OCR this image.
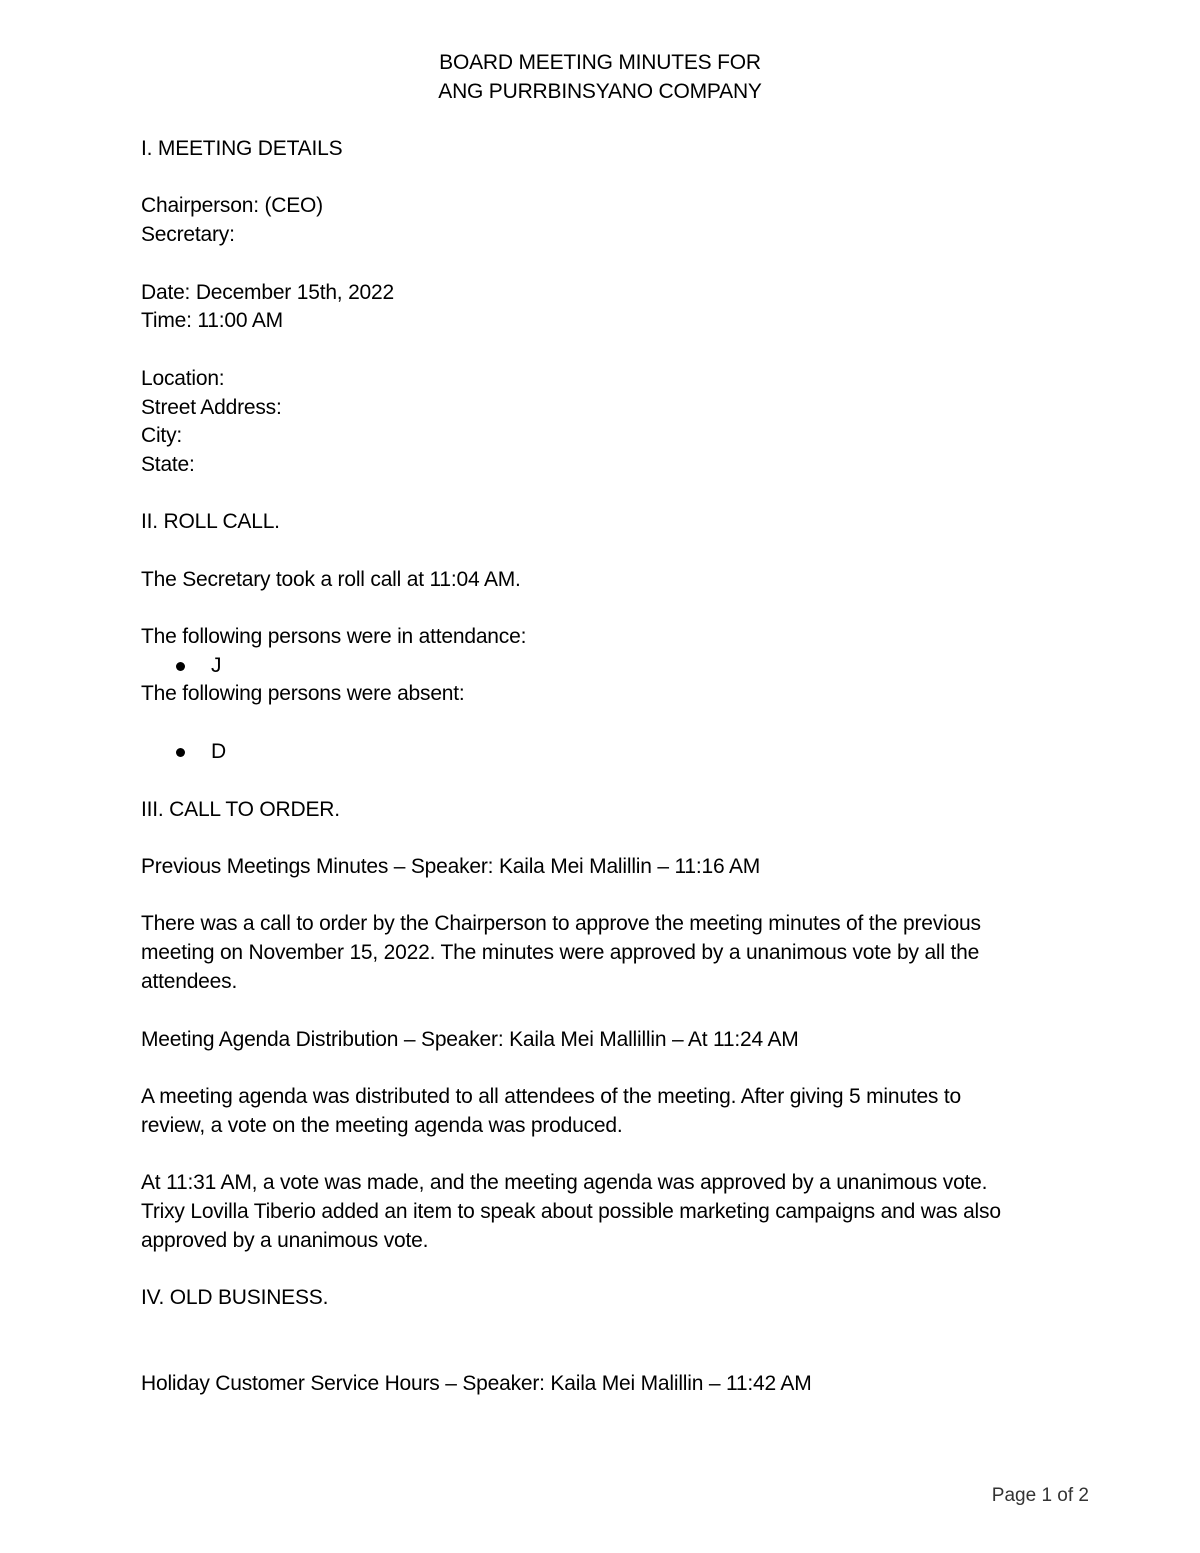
BOARD MEETING MINUTES FOR
ANG PURRBINSYANO COMPANY
I. MEETING DETAILS
Chairperson: (CEO)
Secretary:
Date: December 15th, 2022
Time: 11:00 AM
Location:
Street Address:
City:
State:
II. ROLL CALL.
The Secretary took a roll call at 11:04 AM.
The following persons were in attendance:
J
The following persons were absent:
D
III. CALL TO ORDER.
Previous Meetings Minutes – Speaker: Kaila Mei Malillin – 11:16 AM
There was a call to order by the Chairperson to approve the meeting minutes of the previous
meeting on November 15, 2022. The minutes were approved by a unanimous vote by all the
attendees.
Meeting Agenda Distribution – Speaker: Kaila Mei Mallillin – At 11:24 AM
A meeting agenda was distributed to all attendees of the meeting. After giving 5 minutes to
review, a vote on the meeting agenda was produced.
At 11:31 AM, a vote was made, and the meeting agenda was approved by a unanimous vote.
Trixy Lovilla Tiberio added an item to speak about possible marketing campaigns and was also
approved by a unanimous vote.
IV. OLD BUSINESS.
Holiday Customer Service Hours – Speaker: Kaila Mei Malillin – 11:42 AM
Page 1 of 2
